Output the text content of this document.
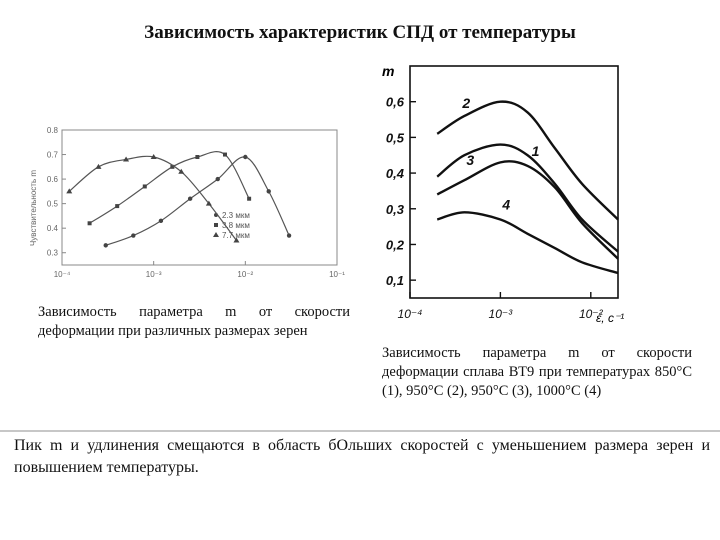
Зависимость характеристик СПД от температуры
Чувствительность m
10⁻⁴	10⁻³	10⁻²	10⁻¹
0.3
0.4
0.5
0.6
0.7
0.8
2.3 мкм
3.8 мкм
7.7 мкм
m
ε̇, с⁻¹
0,1
0,2
0,3
0,4
0,5
0,6
10⁻⁴	10⁻³	10⁻²
1
2
3
4
Зависимость параметра m от скорости деформации при различных размерах зерен
Зависимость параметра m от скорости деформации сплава ВТ9 при температурах 850°С (1), 950°С (2), 950°С (3), 1000°С (4)
Пик m и удлинения смещаются в область бОльших скоростей с уменьшением размера зерен и повышением температуры.
